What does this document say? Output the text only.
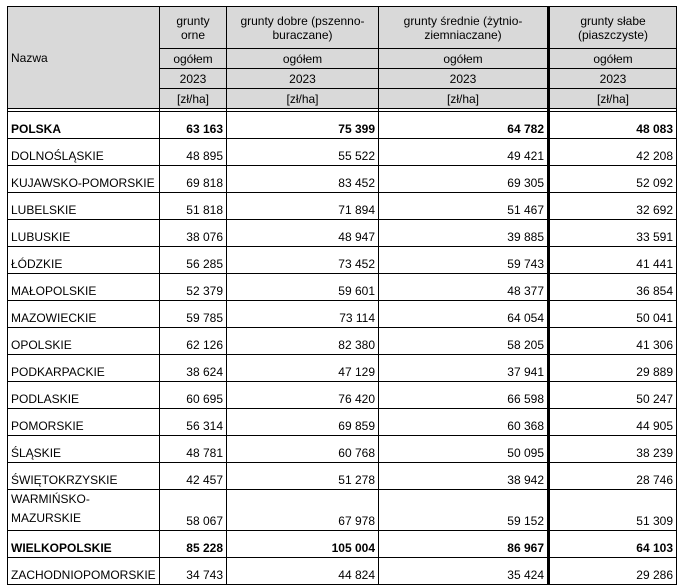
Nazwa	grunty orne	grunty dobre (pszenno-buraczane)	grunty średnie (żytnio-ziemniaczane)	grunty słabe (piaszczyste)
	ogółem	ogółem	ogółem	ogółem
	2023	2023	2023	2023
	[zł/ha]	[zł/ha]	[zł/ha]	[zł/ha]

POLSKA	63 163	75 399	64 782	48 083
DOLNOŚLĄSKIE	48 895	55 522	49 421	42 208
KUJAWSKO-POMORSKIE	69 818	83 452	69 305	52 092
LUBELSKIE	51 818	71 894	51 467	32 692
LUBUSKIE	38 076	48 947	39 885	33 591
ŁÓDZKIE	56 285	73 452	59 743	41 441
MAŁOPOLSKIE	52 379	59 601	48 377	36 854
MAZOWIECKIE	59 785	73 114	64 054	50 041
OPOLSKIE	62 126	82 380	58 205	41 306
PODKARPACKIE	38 624	47 129	37 941	29 889
PODLASKIE	60 695	76 420	66 598	50 247
POMORSKIE	56 314	69 859	60 368	44 905
ŚLĄSKIE	48 781	60 768	50 095	38 239
ŚWIĘTOKRZYSKIE	42 457	51 278	38 942	28 746
WARMIŃSKO-MAZURSKIE	58 067	67 978	59 152	51 309
WIELKOPOLSKIE	85 228	105 004	86 967	64 103
ZACHODNIOPOMORSKIE	34 743	44 824	35 424	29 286
